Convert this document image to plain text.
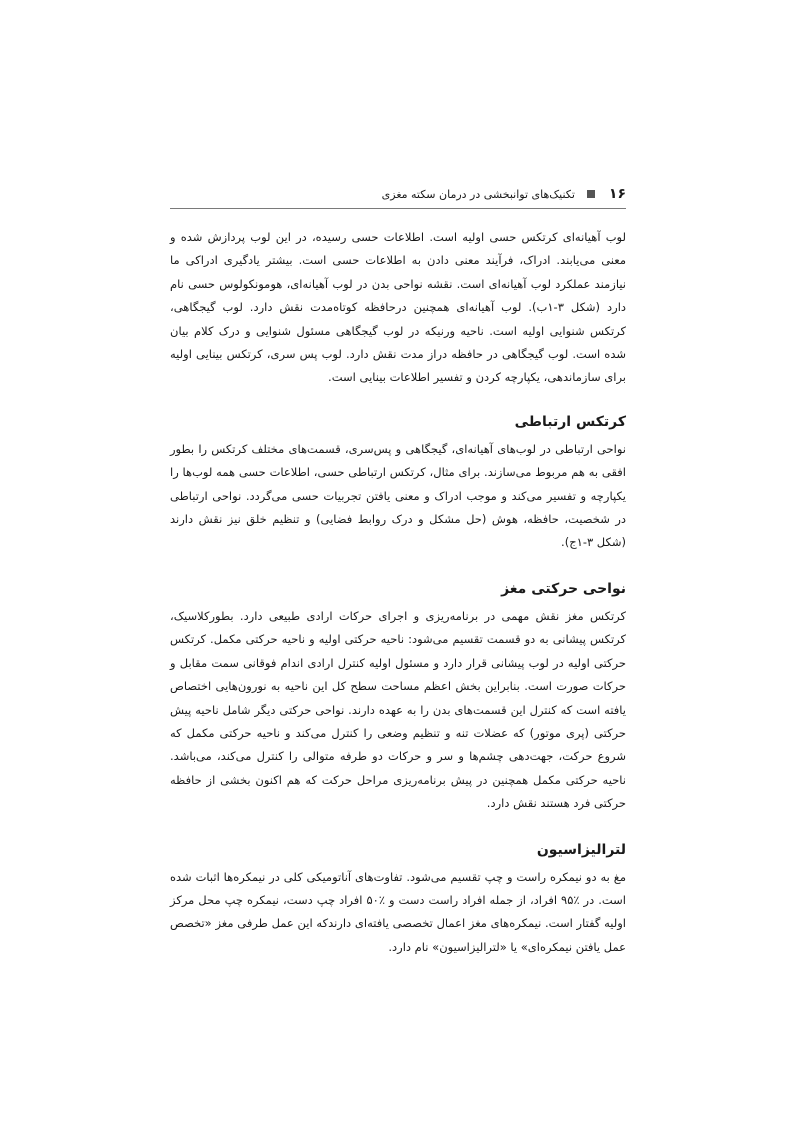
۱۶
تکنیک‌های توانبخشی در درمان سکته مغزی

لوب آهیانه‌ای کرتکس حسی اولیه است. اطلاعات حسی رسیده، در این لوب پردازش شده و معنی می‌یابند. ادراک، فرآیند معنی دادن به اطلاعات حسی است. بیشتر یادگیری ادراکی ما نیازمند عملکرد لوب آهیانه‌ای است. نقشه نواحی بدن در لوب آهیانه‌ای، هومونکولوس حسی نام دارد (شکل ۳-۱ب). لوب آهیانه‌ای همچنین درحافظه کوتاه‌مدت نقش دارد. لوب گیجگاهی، کرتکس شنوایی اولیه است. ناحیه ورنیکه در لوب گیجگاهی مسئول شنوایی و درک کلام بیان شده است. لوب گیجگاهی در حافظه دراز مدت نقش دارد. لوب پس سری، کرتکس بینایی اولیه برای سازماندهی، یکپارچه کردن و تفسیر اطلاعات بینایی است.

کرتکس ارتباطی

نواحی ارتباطی در لوب‌های آهیانه‌ای، گیجگاهی و پس‌سری، قسمت‌های مختلف کرتکس را بطور افقی به هم مربوط می‌سازند. برای مثال، کرتکس ارتباطی حسی، اطلاعات حسی همه لوب‌ها را یکپارچه و تفسیر می‌کند و موجب ادراک و معنی یافتن تجربیات حسی می‌گردد. نواحی ارتباطی در شخصیت، حافظه، هوش (حل مشکل و درک روابط فضایی) و تنظیم خلق نیز نقش دارند (شکل ۳-۱ج).

نواحی حرکتی مغز

کرتکس مغز نقش مهمی در برنامه‌ریزی و اجرای حرکات ارادی طبیعی دارد. بطورکلاسیک، کرتکس پیشانی به دو قسمت تقسیم می‌شود: ناحیه حرکتی اولیه و ناحیه حرکتی مکمل. کرتکس حرکتی اولیه در لوب پیشانی قرار دارد و مسئول اولیه کنترل ارادی اندام فوقانی سمت مقابل و حرکات صورت است. بنابراین بخش اعظم مساحت سطح کل این ناحیه به نورون‌هایی اختصاص یافته است که کنترل این قسمت‌های بدن را به عهده دارند. نواحی حرکتی دیگر شامل ناحیه پیش حرکتی (پری موتور) که عضلات تنه و تنظیم وضعی را کنترل می‌کند و ناحیه حرکتی مکمل که شروع حرکت، جهت‌دهی چشم‌ها و سر و حرکات دو طرفه متوالی را کنترل می‌کند، می‌باشد. ناحیه حرکتی مکمل همچنین در پیش برنامه‌ریزی مراحل حرکت که هم اکنون بخشی از حافظه حرکتی فرد هستند نقش دارد.

لترالیزاسیون

مغ به دو نیمکره راست و چپ تقسیم می‌شود. تفاوت‌های آناتومیکی کلی در نیمکره‌ها اثبات شده است. در ٪۹۵ افراد، از جمله افراد راست دست و ٪۵۰ افراد چپ دست، نیمکره چپ محل مرکز اولیه گفتار است. نیمکره‌های مغز اعمال تخصصی یافته‌ای دارندکه این عمل طرفی مغز «تخصص عمل یافتن نیمکره‌ای» یا «لترالیزاسیون» نام دارد.
